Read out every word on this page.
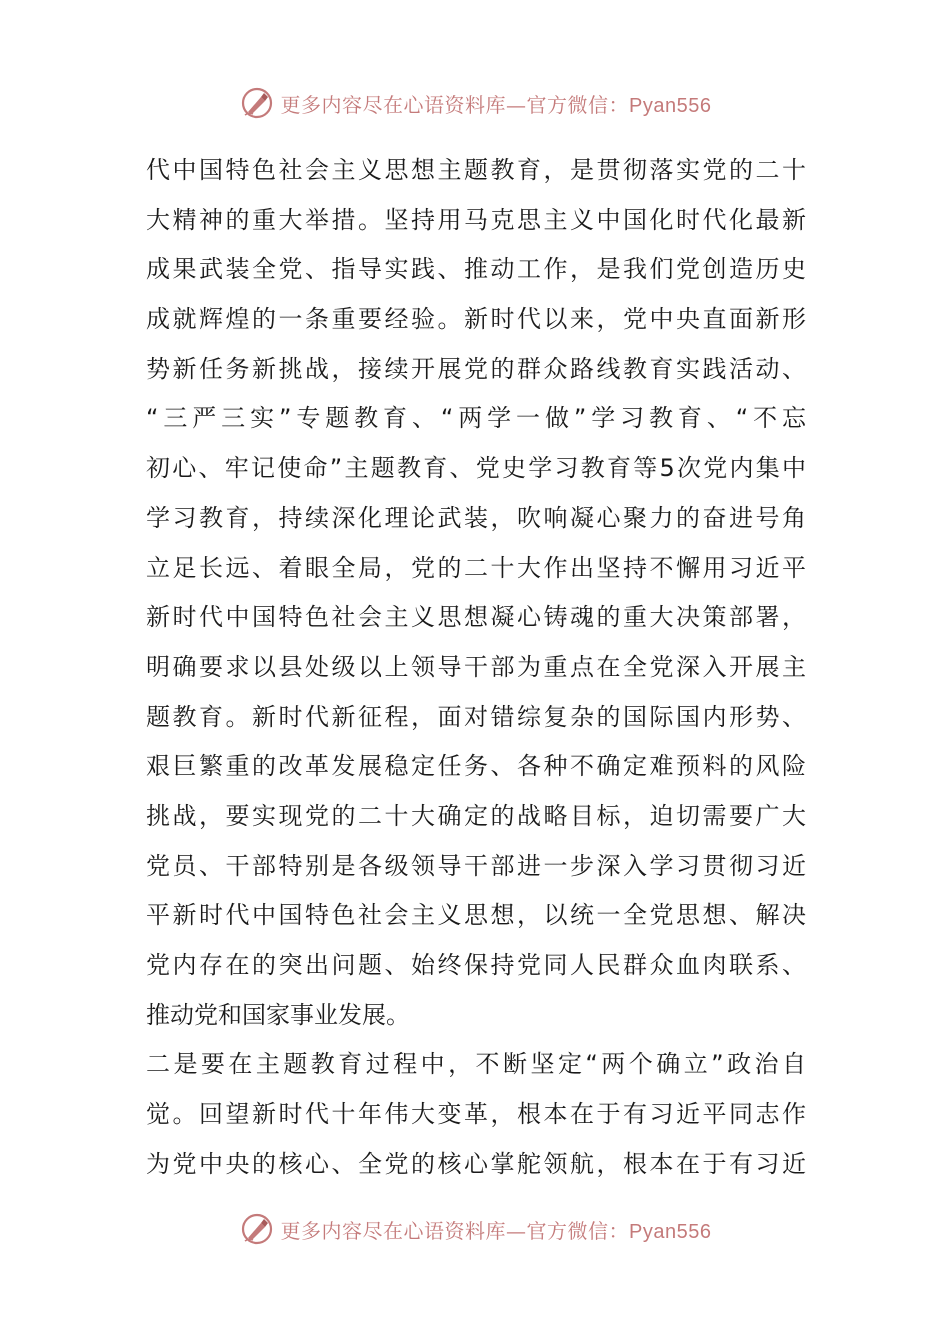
更多内容尽在心语资料库—官方微信：Pyan556
代中国特色社会主义思想主题教育，是贯彻落实党的二十
大精神的重大举措。坚持用马克思主义中国化时代化最新
成果武装全党、指导实践、推动工作，是我们党创造历史
成就辉煌的一条重要经验。新时代以来，党中央直面新形
势新任务新挑战，接续开展党的群众路线教育实践活动、
“三严三实”专题教育、“两学一做”学习教育、“不忘
初心、牢记使命”主题教育、党史学习教育等5次党内集中
学习教育，持续深化理论武装，吹响凝心聚力的奋进号角
立足长远、着眼全局，党的二十大作出坚持不懈用习近平
新时代中国特色社会主义思想凝心铸魂的重大决策部署，
明确要求以县处级以上领导干部为重点在全党深入开展主
题教育。新时代新征程，面对错综复杂的国际国内形势、
艰巨繁重的改革发展稳定任务、各种不确定难预料的风险
挑战，要实现党的二十大确定的战略目标，迫切需要广大
党员、干部特别是各级领导干部进一步深入学习贯彻习近
平新时代中国特色社会主义思想，以统一全党思想、解决
党内存在的突出问题、始终保持党同人民群众血肉联系、
推动党和国家事业发展。
二是要在主题教育过程中，不断坚定“两个确立”政治自
觉。回望新时代十年伟大变革，根本在于有习近平同志作
为党中央的核心、全党的核心掌舵领航，根本在于有习近
更多内容尽在心语资料库—官方微信：Pyan556
